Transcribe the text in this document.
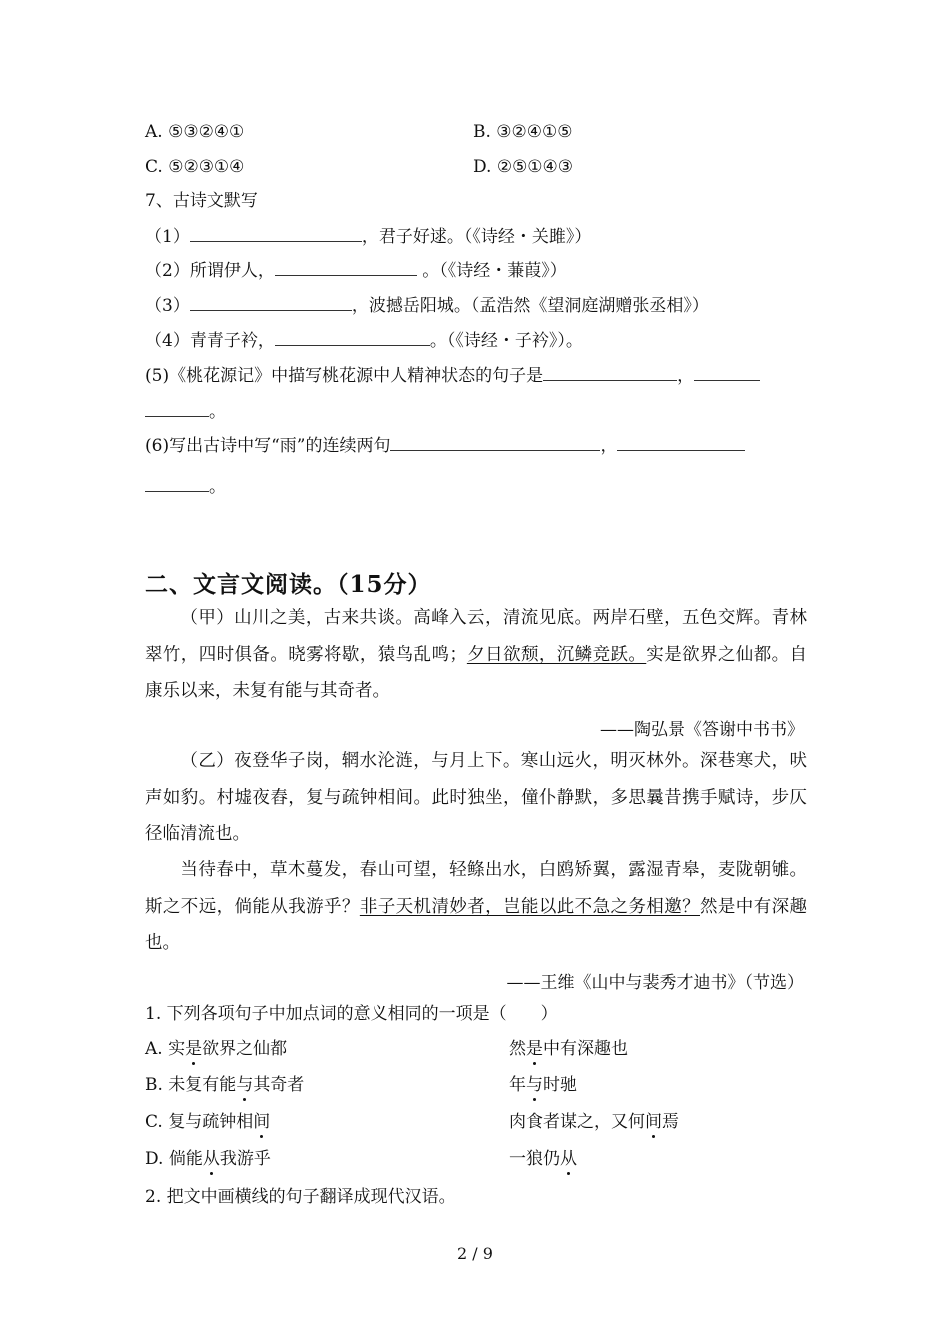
A. ⑤③②④①	B. ③②④①⑤
C. ⑤②③①④	D. ②⑤①④③
7、古诗文默写
（1）	，君子好逑。（《诗经・关雎》）
（2）所谓伊人，	。（《诗经・蒹葭》）
（3）	，波撼岳阳城。（孟浩然《望洞庭湖赠张丞相》）
（4）青青子衿，	。（《诗经・子衿》）。
(5)《桃花源记》中描写桃花源中人精神状态的句子是	，
。
(6)写出古诗中写“雨”的连续两句	，
。
二、文言文阅读。（15分）
（甲）山川之美，古来共谈。高峰入云，清流见底。两岸石壁，五色交辉。青林翠竹，四时俱备。晓雾将歇，猿鸟乱鸣；夕日欲颓，沉鳞竞跃。实是欲界之仙都。自康乐以来，未复有能与其奇者。
——陶弘景《答谢中书书》
（乙）夜登华子岗，辋水沦涟，与月上下。寒山远火，明灭林外。深巷寒犬，吠声如豹。村墟夜舂，复与疏钟相间。此时独坐，僮仆静默，多思曩昔携手赋诗，步仄径临清流也。
当待春中，草木蔓发，春山可望，轻鲦出水，白鸥矫翼，露湿青皋，麦陇朝雊。斯之不远，倘能从我游乎？非子天机清妙者，岂能以此不急之务相邀？然是中有深趣也。
——王维《山中与裴秀才迪书》（节选）
1. 下列各项句子中加点词的意义相同的一项是（　　）
A. 实是欲界之仙都	然是中有深趣也
B. 未复有能与其奇者	年与时驰
C. 复与疏钟相间	肉食者谋之，又何间焉
D. 倘能从我游乎	一狼仍从
2. 把文中画横线的句子翻译成现代汉语。
2 / 9
